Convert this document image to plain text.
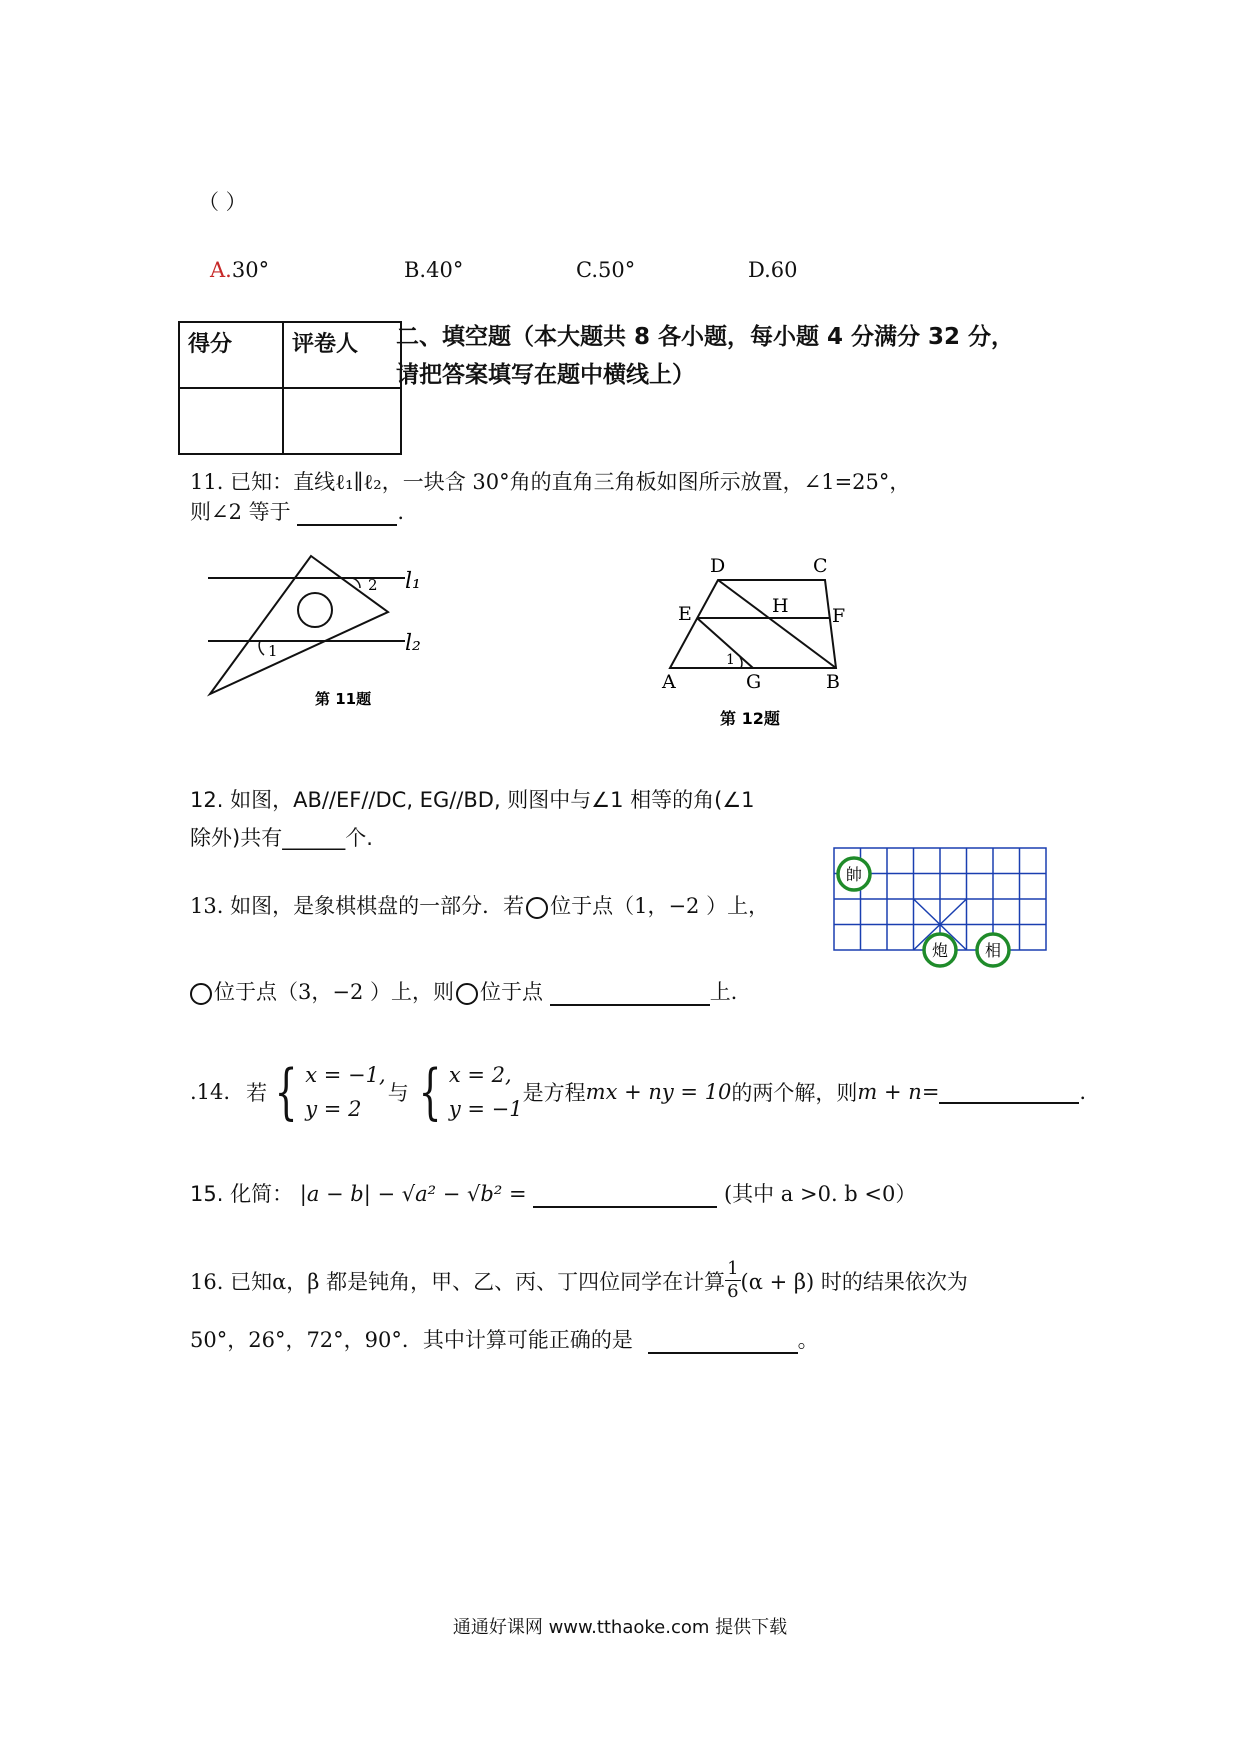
（ ）
A.30°	B.40°	C.50°	D.60
得分	评卷人
	二、填空题（本大题共 8 各小题，每小题 4 分满分 32 分，
请把答案填写在题中横线上）
11. 已知：直线ℓ₁∥ℓ₂，一块含 30°角的直角三角板如图所示放置，∠1=25°，
则∠2 等于	.
l₁
l₂
1
2
第 11题
D	C
E	H F
A	G	B
1
第 12题
12. 如图，AB//EF//DC, EG//BD, 则图中与∠1 相等的角(∠1
除外)共有______个.
帥
炮 相
13. 如图，是象棋棋盘的一部分．若 位于点（1，−2 ）上，
位于点（3，−2 ）上，则 位于点	上.
.14. 若 { x = −1,
y = 2
与 { x = 2,
y = −1
是方程 mx + ny = 10 的两个解，则 m + n =	.
15. 化简： |a − b| − √a² − √b² =	(其中 a >0. b <0）
16. 已知α，β 都是钝角，甲、乙、丙、丁四位同学在计算 $\frac{1}{6} (\alpha + \beta)$ 时的结果依次为
50°，26°，72°，90°．其中计算可能正确的是	。
通通好课网 www.tthaoke.com 提供下载
